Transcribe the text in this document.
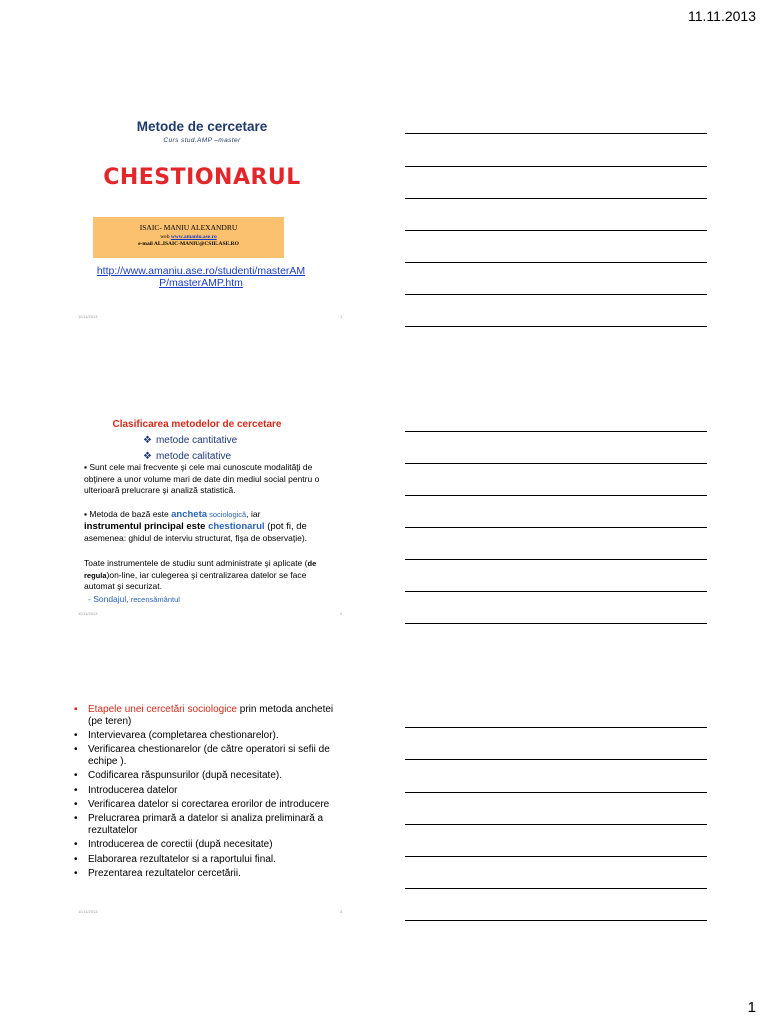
11.11.2013
Metode de cercetare
Curs stud.AMP –master
CHESTIONARUL
ISAIC- MANIU ALEXANDRU
web www.amaniu.ase.ro
e-mail AL.ISAIC-MANIU@CSIE.ASE.RO
http://www.amaniu.ase.ro/studenti/masterAM
P/masterAMP.htm
11/11/2013	1
Clasificarea metodelor de cercetare
❖ metode cantitative
❖ metode calitative
▪ Sunt cele mai frecvente şi cele mai cunoscute modalităţi de obţinere a unor volume mari de date din mediul social pentru o ulterioară prelucrare şi analiză statistică.
▪ Metoda de bază este ancheta sociologică, iar
instrumentul principal este chestionarul (pot fi, de
asemenea: ghidul de interviu structurat, fişa de observaţie).
Toate instrumentele de studiu sunt administrate şi aplicate (de regula)on-line, iar culegerea şi centralizarea datelor se face automat şi securizat.
- Sondajul, recensământul
11/11/2013	2
▪ Etapele unei cercetări sociologice prin metoda anchetei (pe teren)
• Intervievarea (completarea chestionarelor).
• Verificarea chestionarelor (de către operatori si sefii de echipe ).
• Codificarea răspunsurilor (după necesitate).
• Introducerea datelor
• Verificarea datelor si corectarea erorilor de introducere
• Prelucrarea primară a datelor si analiza preliminară a rezultatelor
• Introducerea de corectii (după necesitate)
• Elaborarea rezultatelor si a raportului final.
• Prezentarea rezultatelor cercetării.
11/11/2013	3
1
